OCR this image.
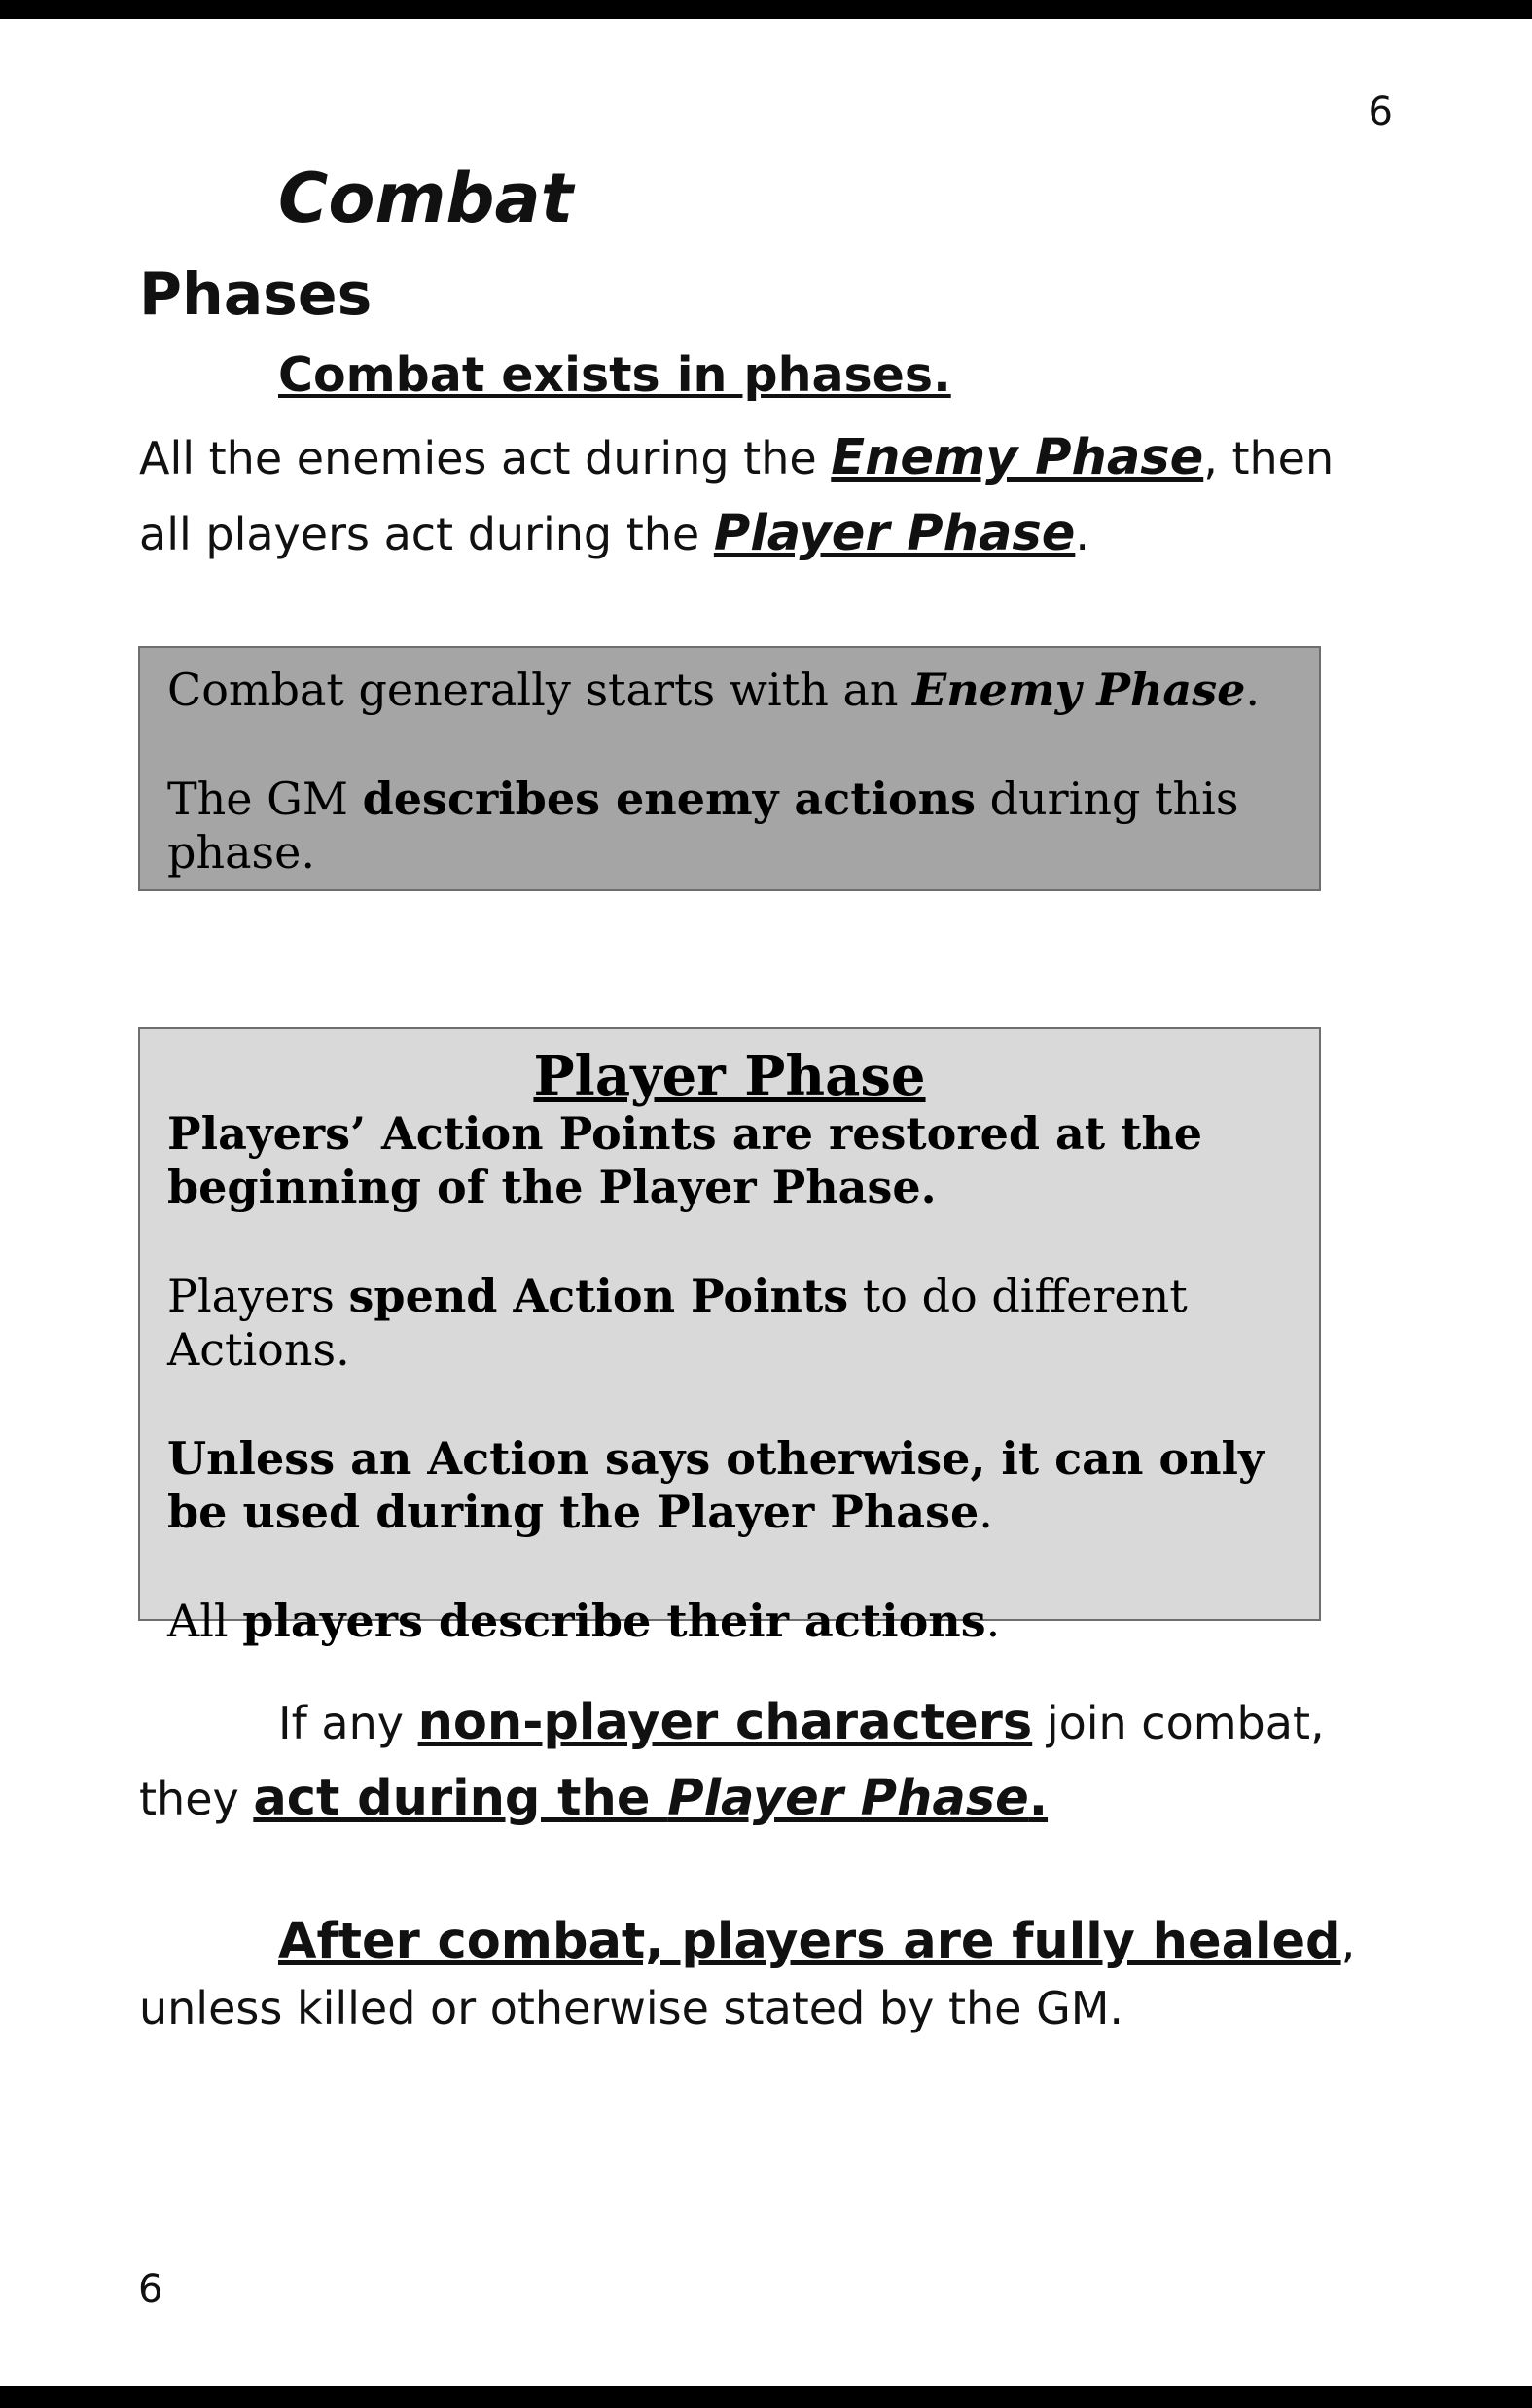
6
Combat
Phases
Combat exists in phases.

All the enemies act during the Enemy Phase, then all players act during the Player Phase.

Combat generally starts with an Enemy Phase.

The GM describes enemy actions during this phase.

Player Phase

Players’ Action Points are restored at the beginning of the Player Phase.

Players spend Action Points to do different Actions.

Unless an Action says otherwise, it can only be used during the Player Phase.

All players describe their actions.

If any non-player characters join combat, they act during the Player Phase.

After combat, players are fully healed,
unless killed or otherwise stated by the GM.

6
